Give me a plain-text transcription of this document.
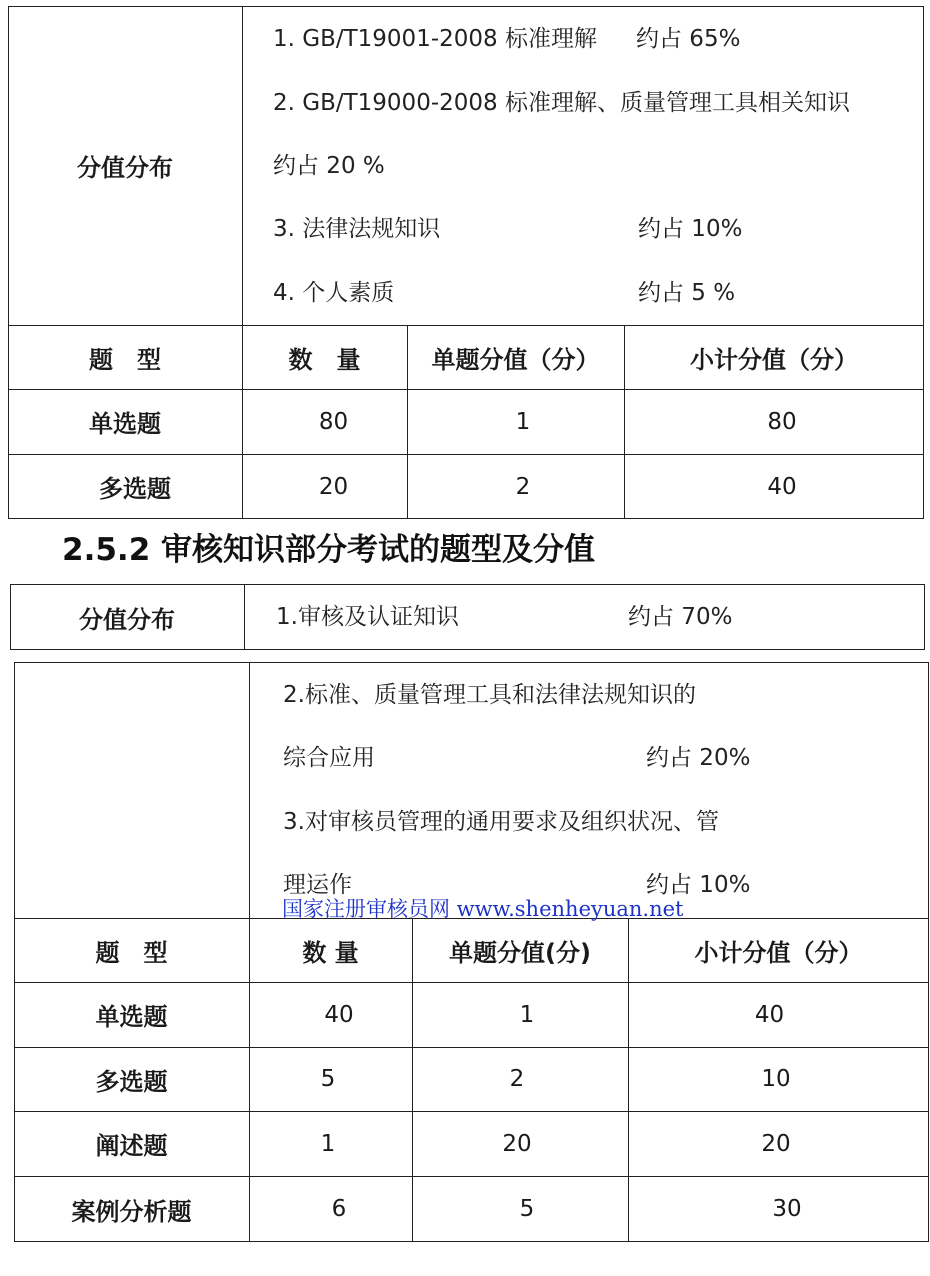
分值分布
1. GB/T19001-2008 标准理解 约占 65%
2. GB/T19000-2008 标准理解、质量管理工具相关知识
约占 20 %
3. 法律法规知识	约占 10%
4. 个人素质	约占 5 %
题　型	数　量	单题分值（分）	小计分值（分）
单选题	80	1	80
多选题	20	2	40
2.5.2 审核知识部分考试的题型及分值
分值分布	1.审核及认证知识	约占 70%
2.标准、质量管理工具和法律法规知识的
综合应用	约占 20%
3.对审核员管理的通用要求及组织状况、管
理运作	约占 10%
国家注册审核员网 www.shenheyuan.net
题　型	数 量	单题分值(分)	小计分值（分）
单选题	40	1	40
多选题	5	2	10
阐述题	1	20	20
案例分析题	6	5	30
